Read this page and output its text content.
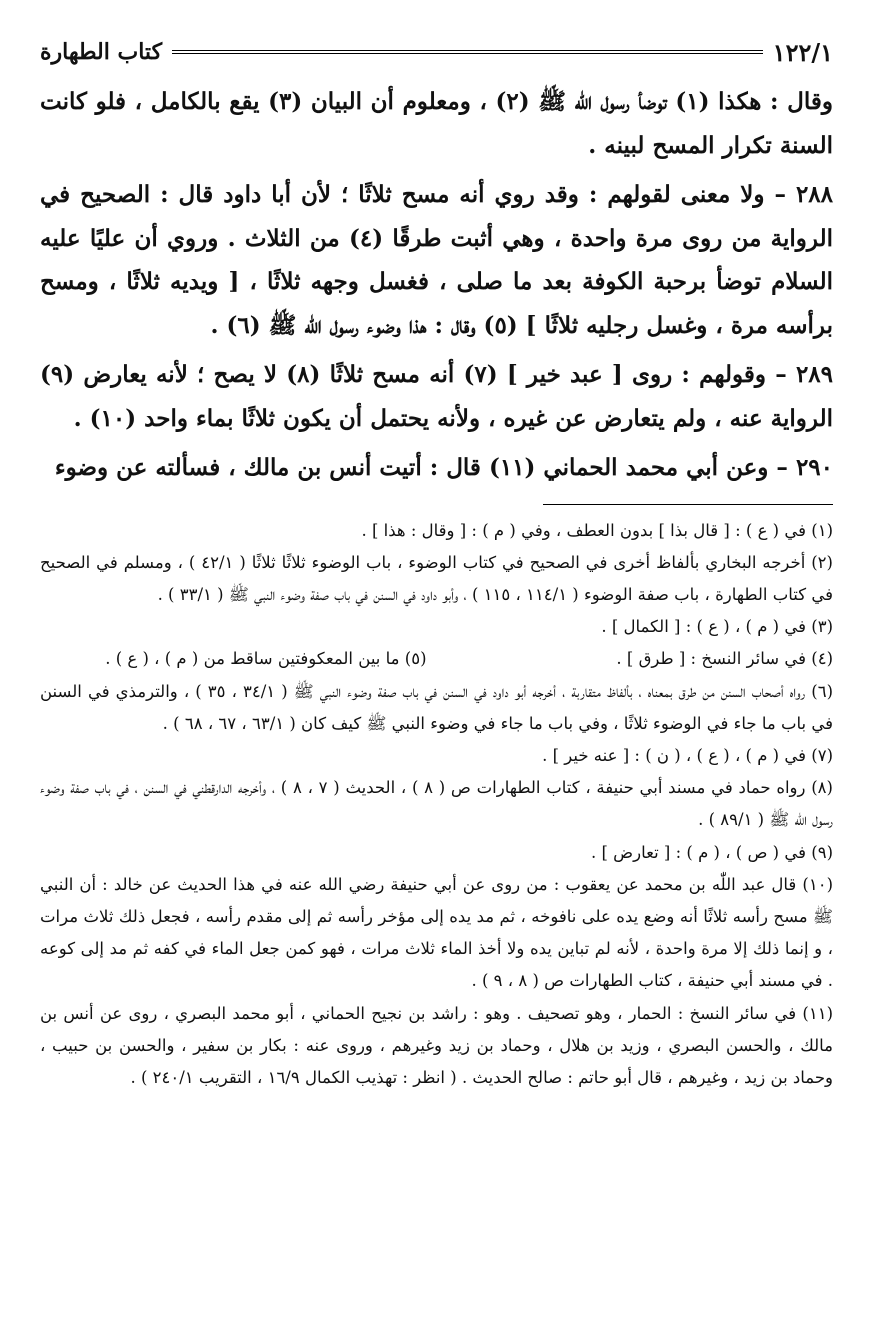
١٢٢/١
كتاب الطهارة

وقال : هكذا (١) توضأ رسول اللّٰه ﷺ (٢) ، ومعلوم أن البيان (٣) يقع بالكامل ، فلو كانت السنة تكرار المسح لبينه .

٢٨٨ – ولا معنى لقولهم : وقد روي أنه مسح ثلاثًا ؛ لأن أبا داود قال : الصحيح في الرواية من روى مرة واحدة ، وهي أثبت طرقًا (٤) من الثلاث . وروي أن عليًا عليه السلام توضأ برحبة الكوفة بعد ما صلى ، فغسل وجهه ثلاثًا ، [ ويديه ثلاثًا ، ومسح برأسه مرة ، وغسل رجليه ثلاثًا ] (٥) وقال : هذا وضوء رسول اللّٰه ﷺ (٦) .

٢٨٩ – وقولهم : روى [ عبد خير ] (٧) أنه مسح ثلاثًا (٨) لا يصح ؛ لأنه يعارض (٩) الرواية عنه ، ولم يتعارض عن غيره ، ولأنه يحتمل أن يكون ثلاثًا بماء واحد (١٠) .

٢٩٠ – وعن أبي محمد الحماني (١١) قال : أتيت أنس بن مالك ، فسألته عن وضوء

(١) في ( ع ) : [ قال بذا ] بدون العطف ، وفي ( م ) : [ وقال : هذا ] .

(٢) أخرجه البخاري بألفاظ أخرى في الصحيح في كتاب الوضوء ، باب الوضوء ثلاثًا ثلاثًا ( ٤٢/١ ) ، ومسلم في الصحيح في كتاب الطهارة ، باب صفة الوضوء ( ١١٤/١ ، ١١٥ ) ، وأبو داود في السنن في باب صفة وضوء النبي ﷺ ( ٣٣/١ ) .

(٣) في ( م ) ، ( ع ) : [ الكمال ] .

(٤) في سائر النسخ : [ طرق ] .

(٥) ما بين المعكوفتين ساقط من ( م ) ، ( ع ) .

(٦) رواه أصحاب السنن من طرق بمعناه ، بألفاظ متقاربة ، أخرجه أبو داود في السنن في باب صفة وضوء النبي ﷺ ( ٣٤/١ ، ٣٥ ) ، والترمذي في السنن في باب ما جاء في الوضوء ثلاثًا ، وفي باب ما جاء في وضوء النبي ﷺ كيف كان ( ٦٣/١ ، ٦٧ ، ٦٨ ) .

(٧) في ( م ) ، ( ع ) ، ( ن ) : [ عنه خير ] .

(٨) رواه حماد في مسند أبي حنيفة ، كتاب الطهارات ص ( ٨ ) ، الحديث ( ٧ ، ٨ ) ، وأخرجه الدارقطني في السنن ، في باب صفة وضوء رسول اللّٰه ﷺ ( ٨٩/١ ) .

(٩) في ( ص ) ، ( م ) : [ تعارض ] .

(١٠) قال عبد اللّٰه بن محمد عن يعقوب : من روى عن أبي حنيفة رضي الله عنه في هذا الحديث عن خالد : أن النبي ﷺ مسح رأسه ثلاثًا أنه وضع يده على نافوخه ، ثم مد يده إلى مؤخر رأسه ثم إلى مقدم رأسه ، فجعل ذلك ثلاث مرات ، و إنما ذلك إلا مرة واحدة ، لأنه لم تباين يده ولا أخذ الماء ثلاث مرات ، فهو كمن جعل الماء في كفه ثم مد إلى كوعه . في مسند أبي حنيفة ، كتاب الطهارات ص ( ٨ ، ٩ ) .

(١١) في سائر النسخ : الحمار ، وهو تصحيف . وهو : راشد بن نجيح الحماني ، أبو محمد البصري ، روى عن أنس بن مالك ، والحسن البصري ، وزيد بن هلال ، وحماد بن زيد وغيرهم ، وروى عنه : بكار بن سفير ، والحسن بن حبيب ، وحماد بن زيد ، وغيرهم ، قال أبو حاتم : صالح الحديث . ( انظر : تهذيب الكمال ١٦/٩ ، التقريب ٢٤٠/١ ) .
